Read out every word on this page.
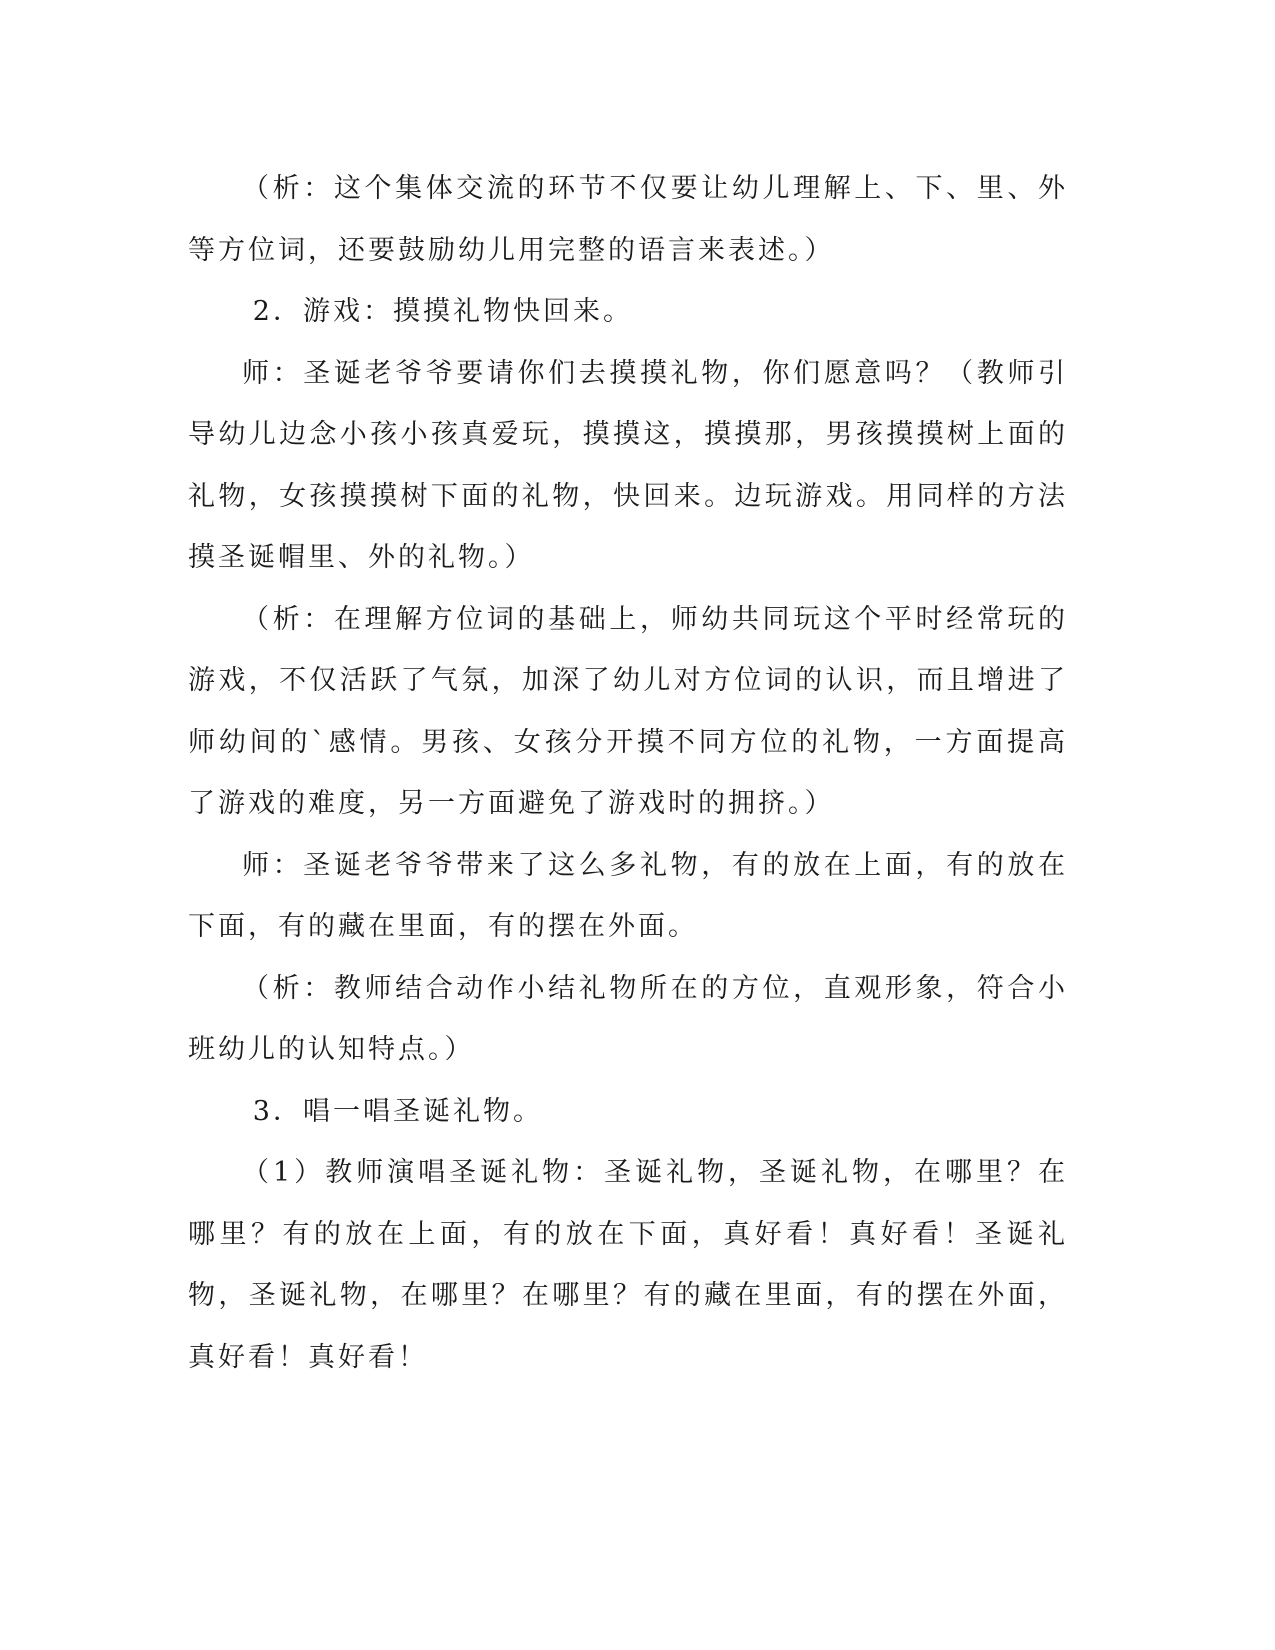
（析：这个集体交流的环节不仅要让幼儿理解上、下、里、外等方位词，还要鼓励幼儿用完整的语言来表述。）

2．游戏：摸摸礼物快回来。

师：圣诞老爷爷要请你们去摸摸礼物，你们愿意吗？（教师引导幼儿边念小孩小孩真爱玩，摸摸这，摸摸那，男孩摸摸树上面的礼物，女孩摸摸树下面的礼物，快回来。边玩游戏。用同样的方法摸圣诞帽里、外的礼物。）

（析：在理解方位词的基础上，师幼共同玩这个平时经常玩的游戏，不仅活跃了气氛，加深了幼儿对方位词的认识，而且增进了师幼间的`感情。男孩、女孩分开摸不同方位的礼物，一方面提高了游戏的难度，另一方面避免了游戏时的拥挤。）

师：圣诞老爷爷带来了这么多礼物，有的放在上面，有的放在下面，有的藏在里面，有的摆在外面。

（析：教师结合动作小结礼物所在的方位，直观形象，符合小班幼儿的认知特点。）

3．唱一唱圣诞礼物。

（1）教师演唱圣诞礼物：圣诞礼物，圣诞礼物，在哪里？在哪里？有的放在上面，有的放在下面，真好看！真好看！圣诞礼物，圣诞礼物，在哪里？在哪里？有的藏在里面，有的摆在外面，真好看！真好看！
